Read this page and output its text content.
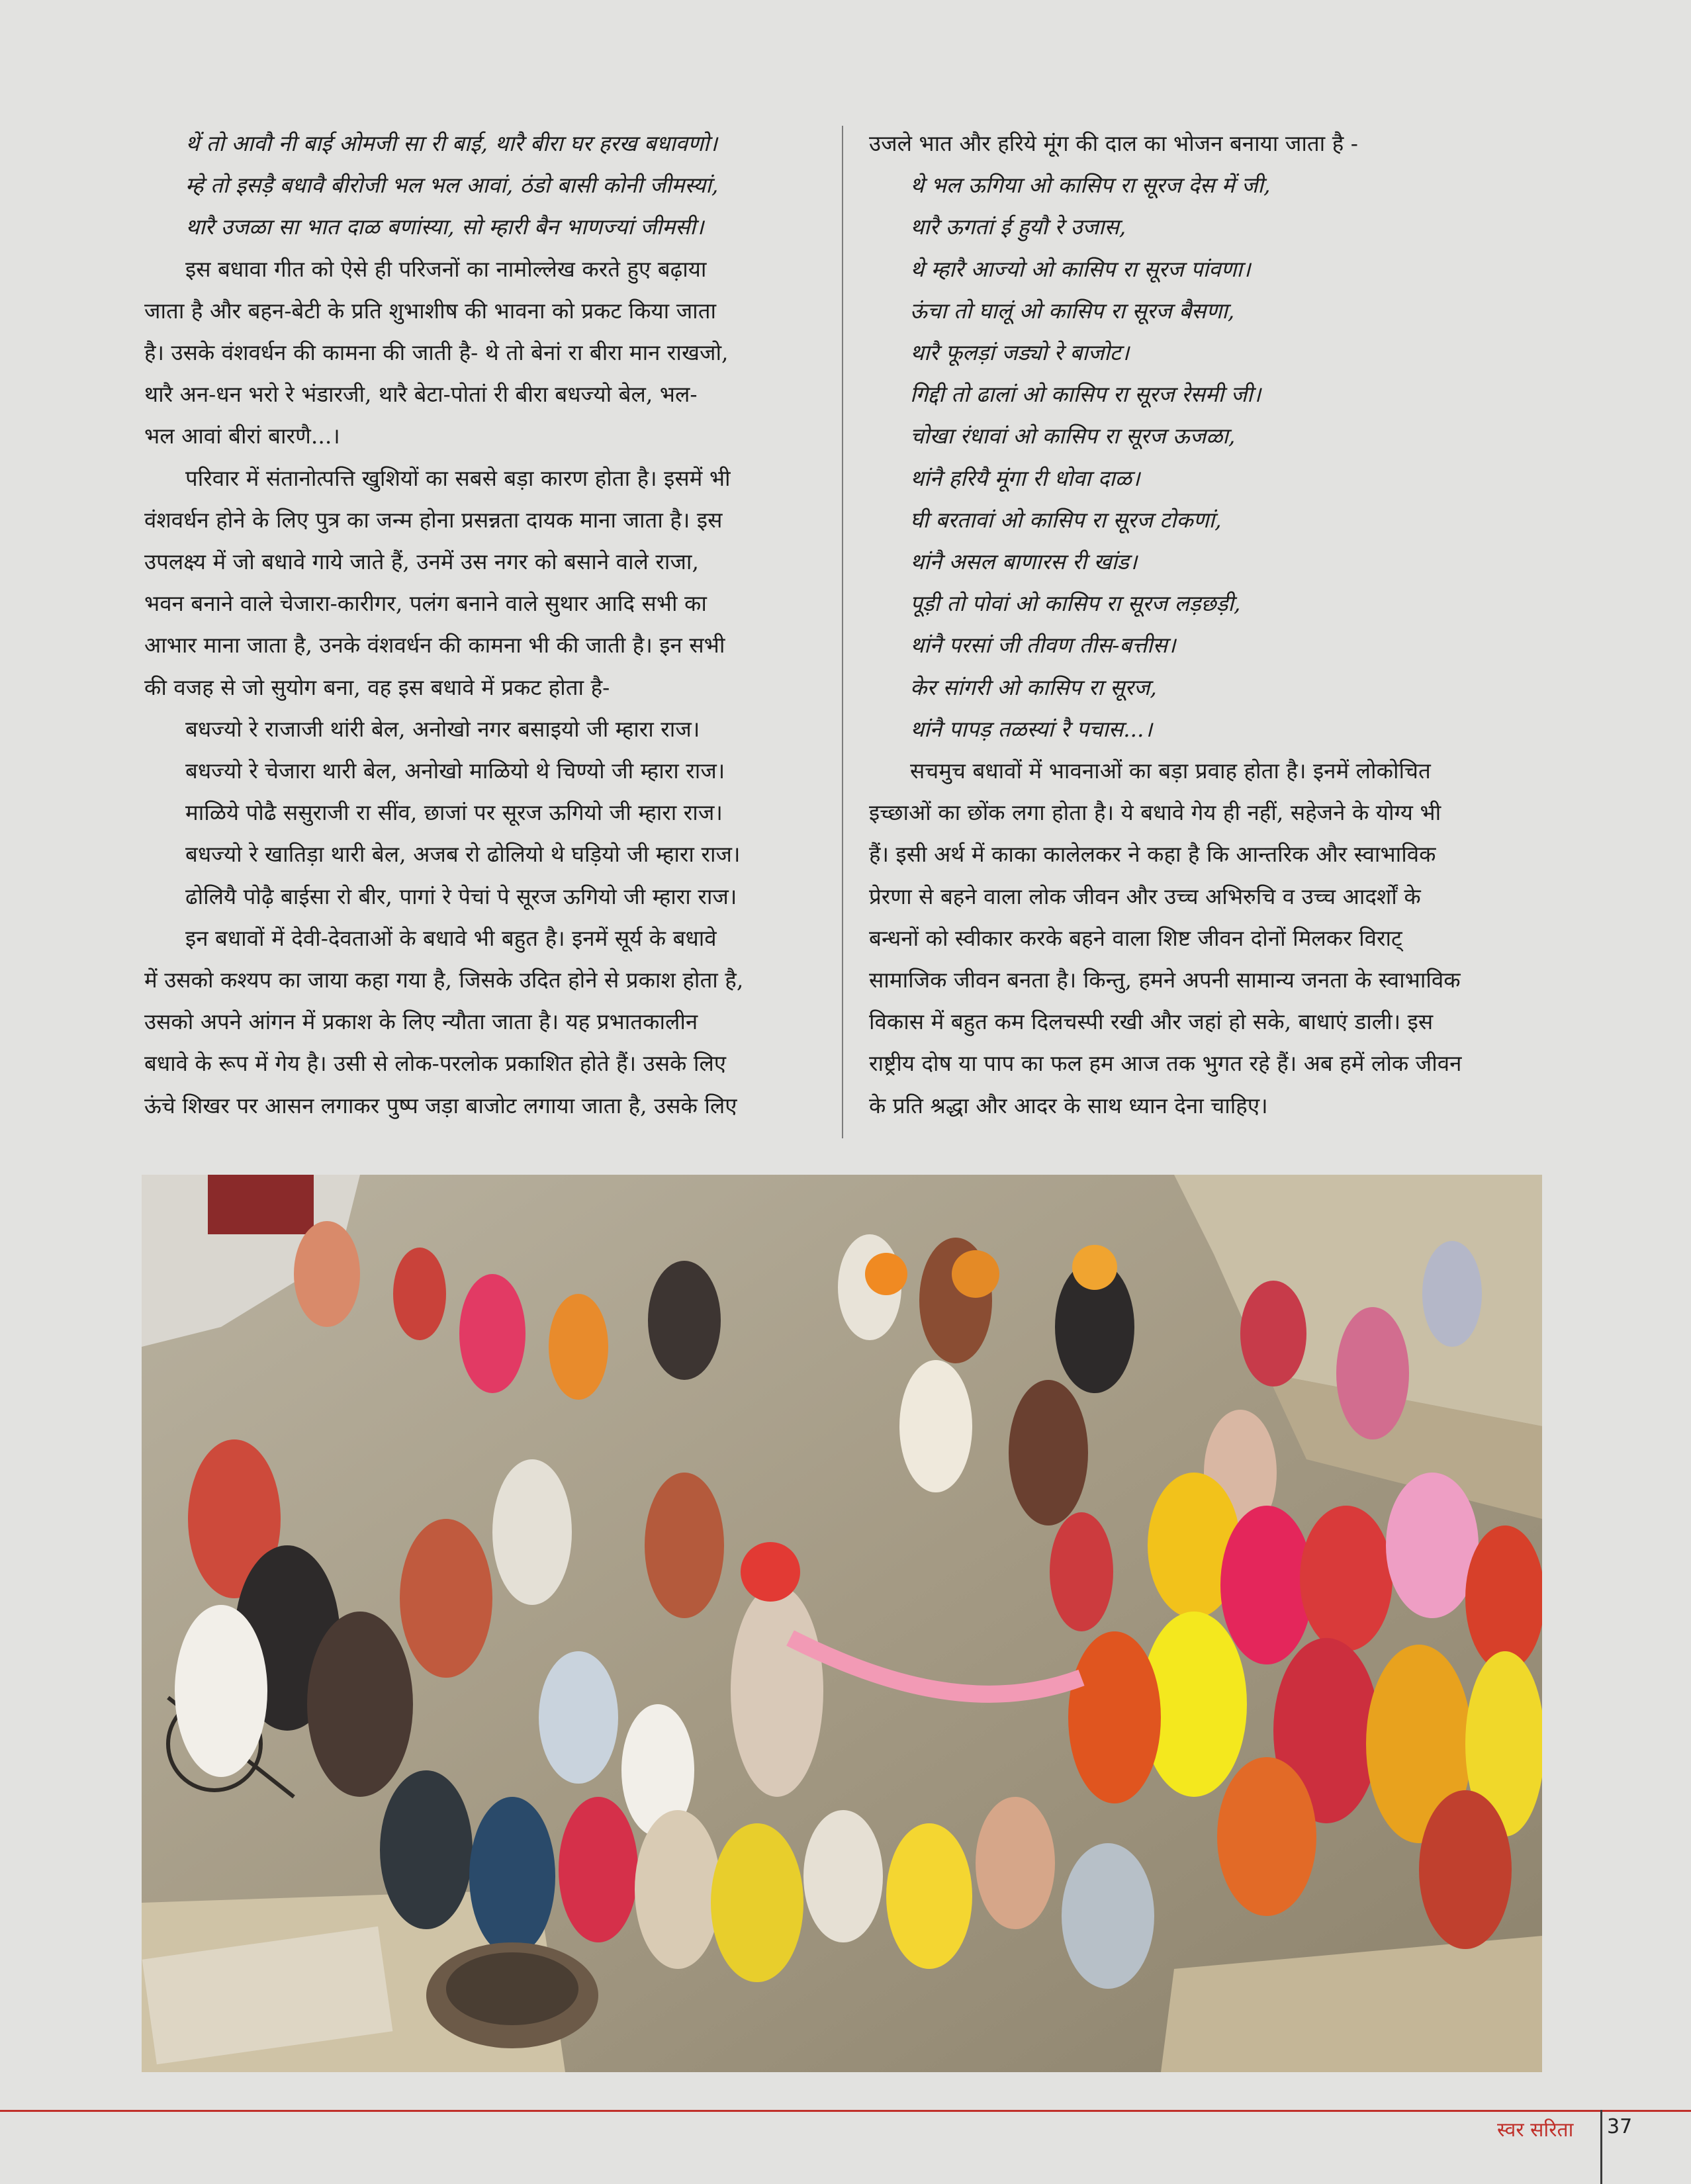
थें तो आवौ नी बाई ओमजी सा री बाई, थारै बीरा घर हरख बधावणो।
म्हे तो इसड़ै बधावै बीरोजी भल भल आवां, ठंडो बासी कोनी जीमस्यां,
थारै उजळा सा भात दाळ बणांस्या, सो म्हारी बैन भाणज्यां जीमसी।
इस बधावा गीत को ऐसे ही परिजनों का नामोल्लेख करते हुए बढ़ाया
जाता है और बहन-बेटी के प्रति शुभाशीष की भावना को प्रकट किया जाता
है। उसके वंशवर्धन की कामना की जाती है- थे तो बेनां रा बीरा मान राखजो,
थारै अन-धन भरो रे भंडारजी, थारै बेटा-पोतां री बीरा बधज्यो बेल, भल-
भल आवां बीरां बारणै...।
परिवार में संतानोत्पत्ति खुशियों का सबसे बड़ा कारण होता है। इसमें भी
वंशवर्धन होने के लिए पुत्र का जन्म होना प्रसन्नता दायक माना जाता है। इस
उपलक्ष्य में जो बधावे गाये जाते हैं, उनमें उस नगर को बसाने वाले राजा,
भवन बनाने वाले चेजारा-कारीगर, पलंग बनाने वाले सुथार आदि सभी का
आभार माना जाता है, उनके वंशवर्धन की कामना भी की जाती है। इन सभी
की वजह से जो सुयोग बना, वह इस बधावे में प्रकट होता है-
बधज्यो रे राजाजी थांरी बेल, अनोखो नगर बसाइयो जी म्हारा राज।
बधज्यो रे चेजारा थारी बेल, अनोखो माळियो थे चिण्यो जी म्हारा राज।
माळिये पोढै ससुराजी रा सींव, छाजां पर सूरज ऊगियो जी म्हारा राज।
बधज्यो रे खातिड़ा थारी बेल, अजब रो ढोलियो थे घड़ियो जी म्हारा राज।
ढोलियै पोढ़ै बाईसा रो बीर, पागां रे पेचां पे सूरज ऊगियो जी म्हारा राज।
इन बधावों में देवी-देवताओं के बधावे भी बहुत है। इनमें सूर्य के बधावे
में उसको कश्यप का जाया कहा गया है, जिसके उदित होने से प्रकाश होता है,
उसको अपने आंगन में प्रकाश के लिए न्यौता जाता है। यह प्रभातकालीन
बधावे के रूप में गेय है। उसी से लोक-परलोक प्रकाशित होते हैं। उसके लिए
ऊंचे शिखर पर आसन लगाकर पुष्प जड़ा बाजोट लगाया जाता है, उसके लिए
उजले भात और हरिये मूंग की दाल का भोजन बनाया जाता है -
थे भल ऊगिया ओ कासिप रा सूरज देस में जी,
थारै ऊगतां ई हुयौ रे उजास,
थे म्हारै आज्यो ओ कासिप रा सूरज पांवणा।
ऊंचा तो घालूं ओ कासिप रा सूरज बैसणा,
थारै फूलड़ां जड्यो रे बाजोट।
गिद्दी तो ढालां ओ कासिप रा सूरज रेसमी जी।
चोखा रंधावां ओ कासिप रा सूरज ऊजळा,
थांनै हरियै मूंगा री धोवा दाळ।
घी बरतावां ओ कासिप रा सूरज टोकणां,
थांनै असल बाणारस री खांड।
पूड़ी तो पोवां ओ कासिप रा सूरज लड़छड़ी,
थांनै परसां जी तीवण तीस-बत्तीस।
केर सांगरी ओ कासिप रा सूरज,
थांनै पापड़ तळस्यां रै पचास...।
सचमुच बधावों में भावनाओं का बड़ा प्रवाह होता है। इनमें लोकोचित
इच्छाओं का छोंक लगा होता है। ये बधावे गेय ही नहीं, सहेजने के योग्य भी
हैं। इसी अर्थ में काका कालेलकर ने कहा है कि आन्तरिक और स्वाभाविक
प्रेरणा से बहने वाला लोक जीवन और उच्च अभिरुचि व उच्च आदर्शों के
बन्धनों को स्वीकार करके बहने वाला शिष्ट जीवन दोनों मिलकर विराट्
सामाजिक जीवन बनता है। किन्तु, हमने अपनी सामान्य जनता के स्वाभाविक
विकास में बहुत कम दिलचस्पी रखी और जहां हो सके, बाधाएं डाली। इस
राष्ट्रीय दोष या पाप का फल हम आज तक भुगत रहे हैं। अब हमें लोक जीवन
के प्रति श्रद्धा और आदर के साथ ध्यान देना चाहिए।
स्वर सरिता 37
